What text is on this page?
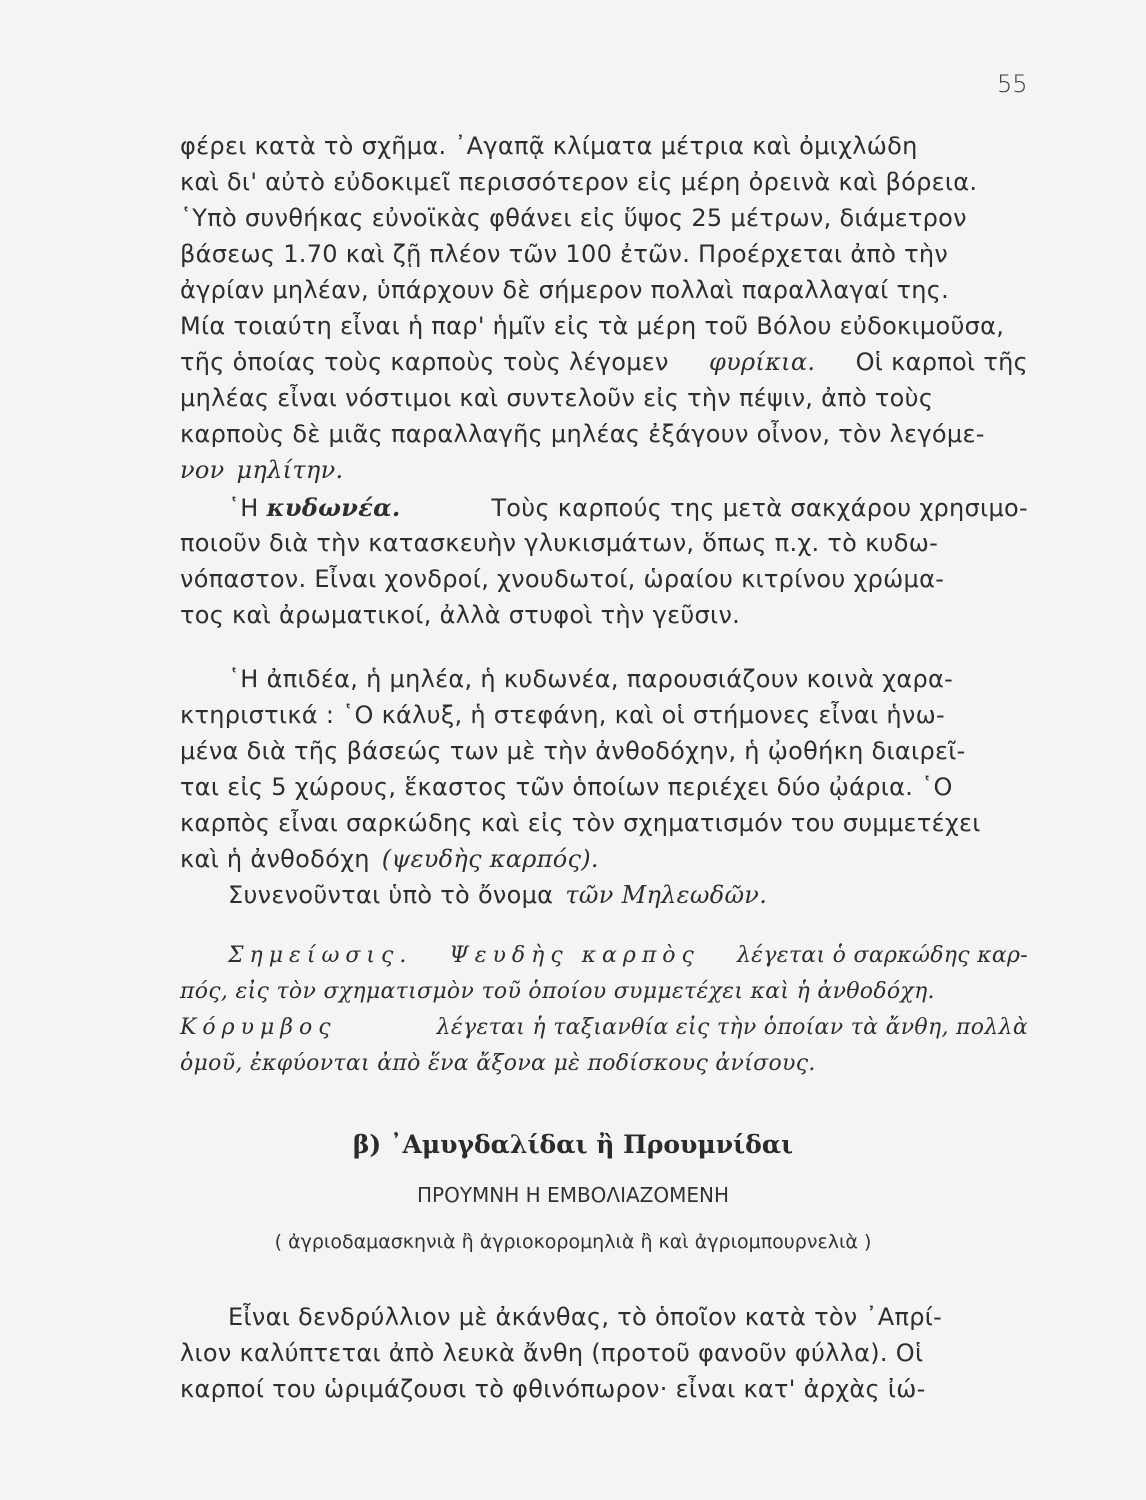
55
φέρει κατὰ τὸ σχῆμα. ᾿Αγαπᾷ κλίματα μέτρια καὶ ὀμιχλώδη
καὶ δι' αὐτὸ εὐδοκιμεῖ περισσότερον εἰς μέρη ὀρεινὰ καὶ βόρεια.
῾Υπὸ συνθήκας εὐνοϊκὰς φθάνει εἰς ὕψος 25 μέτρων, διάμετρον
βάσεως 1.70 καὶ ζῇ πλέον τῶν 100 ἐτῶν. Προέρχεται ἀπὸ τὴν
ἀγρίαν μηλέαν, ὑπάρχουν δὲ σήμερον πολλαὶ παραλλαγαί της.
Μία τοιαύτη εἶναι ἡ παρ' ἡμῖν εἰς τὰ μέρη τοῦ Βόλου εὐδοκιμοῦσα,
τῆς ὁποίας τοὺς καρποὺς τοὺς λέγομεν φυρίκια. Οἱ καρποὶ τῆς
μηλέας εἶναι νόστιμοι καὶ συντελοῦν εἰς τὴν πέψιν, ἀπὸ τοὺς
καρποὺς δὲ μιᾶς παραλλαγῆς μηλέας ἐξάγουν οἶνον, τὸν λεγόμε-
νον μηλίτην.
῾Η κυδωνέα.	Τοὺς καρπούς της μετὰ σακχάρου χρησιμο-
ποιοῦν διὰ τὴν κατασκευὴν γλυκισμάτων, ὅπως π.χ. τὸ κυδω-
νόπαστον. Εἶναι χονδροί, χνουδωτοί, ὡραίου κιτρίνου χρώμα-
τος καὶ ἀρωματικοί, ἀλλὰ στυφοὶ τὴν γεῦσιν.
῾Η ἀπιδέα, ἡ μηλέα, ἡ κυδωνέα, παρουσιάζουν κοινὰ χαρα-
κτηριστικά : ῾Ο κάλυξ, ἡ στεφάνη, καὶ οἱ στήμονες εἶναι ἡνω-
μένα διὰ τῆς βάσεώς των μὲ τὴν ἀνθοδόχην, ἡ ᾠοθήκη διαιρεῖ-
ται εἰς 5 χώρους, ἕκαστος τῶν ὁποίων περιέχει δύο ᾠάρια. ῾Ο
καρπὸς εἶναι σαρκώδης καὶ εἰς τὸν σχηματισμόν του συμμετέχει
καὶ ἡ ἀνθοδόχη (ψευδὴς καρπός).
Συνενοῦνται ὑπὸ τὸ ὄνομα τῶν Μηλεωδῶν.
Σημείωσις. Ψευδὴς καρπὸς λέγεται ὁ σαρκώδης καρ-
πός, εἰς τὸν σχηματισμὸν τοῦ ὁποίου συμμετέχει καὶ ἡ ἀνθοδόχη.
Κόρυμβος	λέγεται ἡ ταξιανθία εἰς τὴν ὁποίαν τὰ ἄνθη, πολλὰ
ὁμοῦ, ἐκφύονται ἀπὸ ἕνα ἄξονα μὲ ποδίσκους ἀνίσους.
β) ᾿Αμυγδαλίδαι ἢ Προυμνίδαι
ΠΡΟΥΜΝΗ Η ΕΜΒΟΛΙΑΖΟΜΕΝΗ
( ἀγριοδαμασκηνιὰ ἢ ἀγριοκορομηλιὰ ἢ καὶ ἀγριομπουρνελιὰ )
Εἶναι δενδρύλλιον μὲ ἀκάνθας, τὸ ὁποῖον κατὰ τὸν ᾿Απρί-
λιον καλύπτεται ἀπὸ λευκὰ ἄνθη (προτοῦ φανοῦν φύλλα). Οἱ
καρποί του ὡριμάζουσι τὸ φθινόπωρον· εἶναι κατ' ἀρχὰς ἰώ-
